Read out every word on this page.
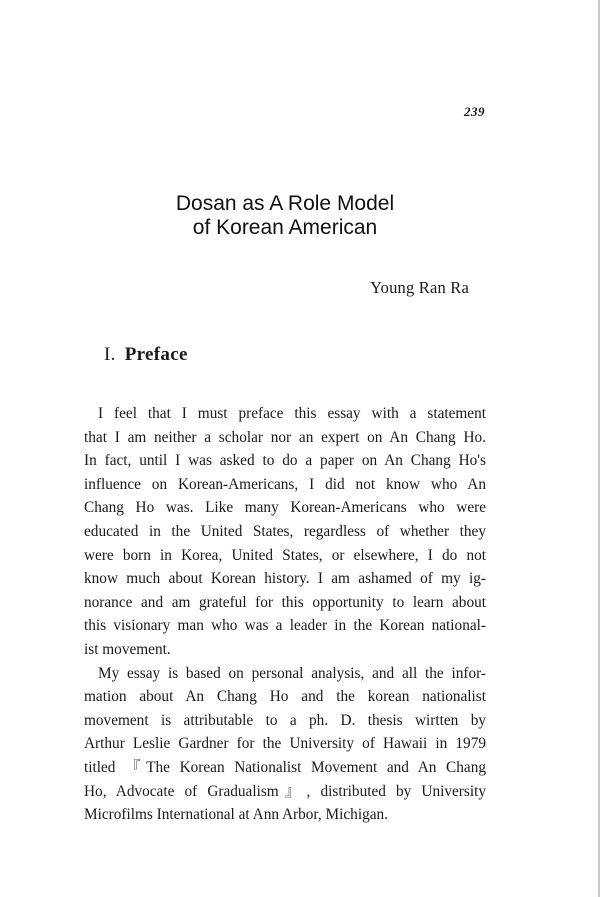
239
Dosan as A Role Model
of Korean American
Young Ran Ra
I. Preface

I feel that I must preface this essay with a statement
that I am neither a scholar nor an expert on An Chang Ho.
In fact, until I was asked to do a paper on An Chang Ho's
influence on Korean-Americans, I did not know who An
Chang Ho was. Like many Korean-Americans who were
educated in the United States, regardless of whether they
were born in Korea, United States, or elsewhere, I do not
know much about Korean history. I am ashamed of my ig-
norance and am grateful for this opportunity to learn about
this visionary man who was a leader in the Korean national-
ist movement.

My essay is based on personal analysis, and all the infor-
mation about An Chang Ho and the korean nationalist
movement is attributable to a ph. D. thesis wirtten by
Arthur Leslie Gardner for the University of Hawaii in 1979
titled 『The Korean Nationalist Movement and An Chang
Ho, Advocate of Gradualism』, distributed by University
Microfilms International at Ann Arbor, Michigan.
